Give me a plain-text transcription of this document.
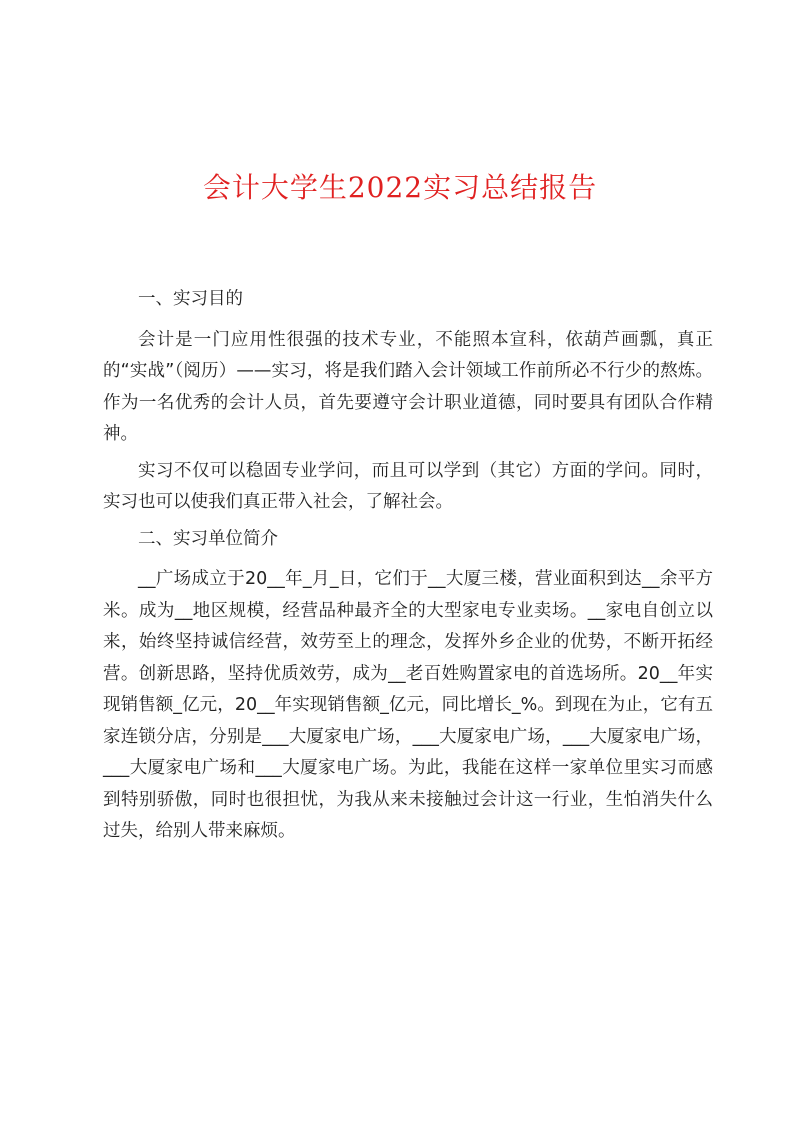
会计大学生2022实习总结报告

一、实习目的

会计是一门应用性很强的技术专业，不能照本宣科，依葫芦画瓢，真正的“实战”（阅历）——实习，将是我们踏入会计领域工作前所必不行少的熬炼。作为一名优秀的会计人员，首先要遵守会计职业道德，同时要具有团队合作精神。

实习不仅可以稳固专业学问，而且可以学到（其它）方面的学问。同时，实习也可以使我们真正带入社会，了解社会。

二、实习单位简介

__广场成立于20__年_月_日，它们于__大厦三楼，营业面积到达__余平方米。成为__地区规模，经营品种最齐全的大型家电专业卖场。__家电自创立以来，始终坚持诚信经营，效劳至上的理念，发挥外乡企业的优势，不断开拓经营。创新思路，坚持优质效劳，成为__老百姓购置家电的首选场所。20__年实现销售额_亿元，20__年实现销售额_亿元，同比增长_%。到现在为止，它有五家连锁分店，分别是___大厦家电广场，___大厦家电广场，___大厦家电广场，___大厦家电广场和___大厦家电广场。为此，我能在这样一家单位里实习而感到特别骄傲，同时也很担忧，为我从来未接触过会计这一行业，生怕消失什么过失，给别人带来麻烦。
